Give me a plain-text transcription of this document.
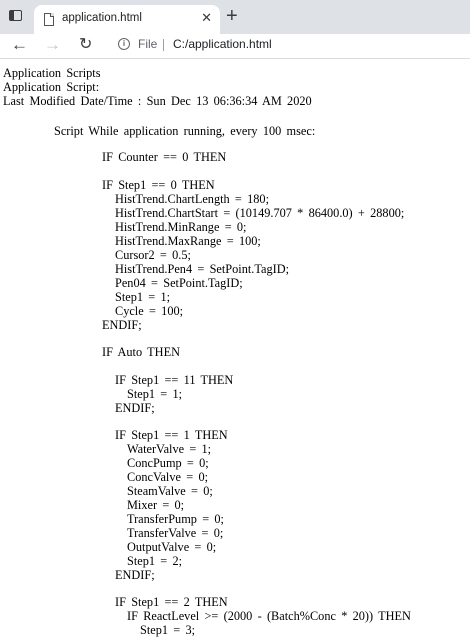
application.html	✕ +
← → ↻	i	File C:/application.html
Application Scripts
Application Script:
Last Modified Date/Time : Sun Dec 13 06:36:34 AM 2020
Script While application running, every 100 msec:
IF Counter == 0 THEN
IF Step1 == 0 THEN
HistTrend.ChartLength = 180;
HistTrend.ChartStart = (10149.707 * 86400.0) + 28800;
HistTrend.MinRange = 0;
HistTrend.MaxRange = 100;
Cursor2 = 0.5;
HistTrend.Pen4 = SetPoint.TagID;
Pen04 = SetPoint.TagID;
Step1 = 1;
Cycle = 100;
ENDIF;
IF Auto THEN
IF Step1 == 11 THEN
Step1 = 1;
ENDIF;
IF Step1 == 1 THEN
WaterValve = 1;
ConcPump = 0;
ConcValve = 0;
SteamValve = 0;
Mixer = 0;
TransferPump = 0;
TransferValve = 0;
OutputValve = 0;
Step1 = 2;
ENDIF;
IF Step1 == 2 THEN
IF ReactLevel >= (2000 - (Batch%Conc * 20)) THEN
Step1 = 3;
